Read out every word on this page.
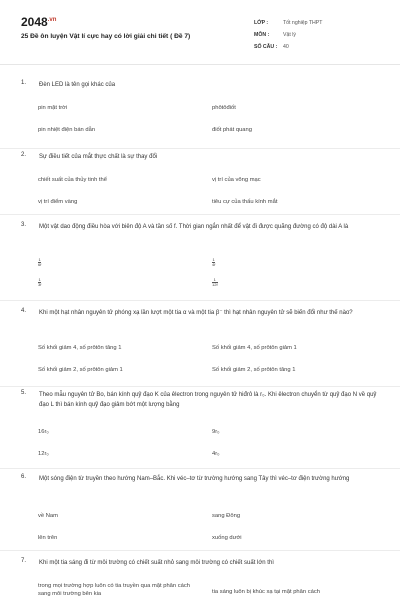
$2048^{.vn}$
25 Đề ôn luyện Vật lí cực hay có lời giải chi tiết ( Đề 7)
LỚP :	Tốt nghiệp THPT
MÔN :	Vật lý
SỐ CÂU :	40
1.	Đèn LED là tên gọi khác của
pin mặt trời	phôtôđiốt
pin nhiệt điện bán dẫn	điốt phát quang
2.	Sự điều tiết của mắt thực chất là sự thay đổi
chiết suất của thủy tinh thể	vị trí của võng mạc
vị trí điểm vàng	tiêu cự của thấu kính mắt
3.	Một vật dao động điều hòa với biên độ A và tần số f. Thời gian ngắn nhất để vật đi được quãng đường có độ dài A là
$\frac{1}{6f}$	$\frac{1}{4f}$
$\frac{1}{3f}$	$\frac{1}{12f}$
4.	Khi một hạt nhân nguyên tử phóng xạ lần lượt một tia α và một tia β⁻ thì hạt nhân nguyên tử sẽ biến đổi như thế nào?
Số khối giảm 4, số prôtôn tăng 1	Số khối giảm 4, số prôtôn giảm 1
Số khối giảm 2, số prôtôn giảm 1	Số khối giảm 2, số prôtôn tăng 1
5.	Theo mẫu nguyên tử Bo, bán kính quỹ đạo K của êlectron trong nguyên tử hiđrô là r₀. Khi êlectron chuyển từ quỹ đạo N về quỹ đạo L thì bán kính quỹ đạo giảm bớt một lượng bằng
16r₀	9r₀
12r₀	4r₀
6.	Một sóng điện từ truyền theo hướng Nam–Bắc. Khi véc–tơ từ trường hướng sang Tây thì véc–tơ điện trường hướng
về Nam	sang Đông
lên trên	xuống dưới
7.	Khi một tia sáng đi từ môi trường có chiết suất nhỏ sang môi trường có chiết suất lớn thì
trong mọi trường hợp luôn có tia truyền qua mặt phân cách sang môi trường bên kia	tia sáng luôn bị khúc xạ tại mặt phân cách
